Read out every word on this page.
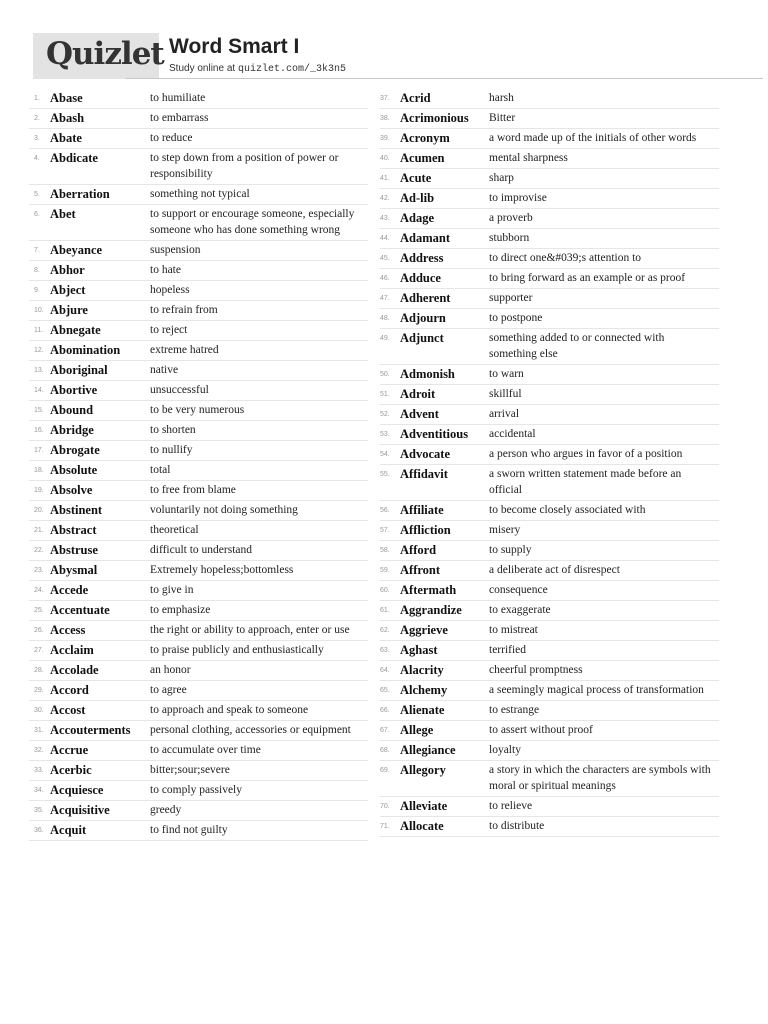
Quizlet Word Smart I
Study online at quizlet.com/_3k3n5
1. Abase	to humiliate
2. Abash	to embarrass
3. Abate	to reduce
4. Abdicate	to step down from a position of power or responsibility
5. Aberration	something not typical
6. Abet	to support or encourage someone, especially someone who has done something wrong
7. Abeyance	suspension
8. Abhor	to hate
9. Abject	hopeless
10. Abjure	to refrain from
11. Abnegate	to reject
12. Abomination	extreme hatred
13. Aboriginal	native
14. Abortive	unsuccessful
15. Abound	to be very numerous
16. Abridge	to shorten
17. Abrogate	to nullify
18. Absolute	total
19. Absolve	to free from blame
20. Abstinent	voluntarily not doing something
21. Abstract	theoretical
22. Abstruse	difficult to understand
23. Abysmal	Extremely hopeless;bottomless
24. Accede	to give in
25. Accentuate	to emphasize
26. Access	the right or ability to approach, enter or use
27. Acclaim	to praise publicly and enthusiastically
28. Accolade	an honor
29. Accord	to agree
30. Accost	to approach and speak to someone
31. Accouterments	personal clothing, accessories or equipment
32. Accrue	to accumulate over time
33. Acerbic	bitter;sour;severe
34. Acquiesce	to comply passively
35. Acquisitive	greedy
36. Acquit	to find not guilty
37. Acrid	harsh
38. Acrimonious	Bitter
39. Acronym	a word made up of the initials of other words
40. Acumen	mental sharpness
41. Acute	sharp
42. Ad-lib	to improvise
43. Adage	a proverb
44. Adamant	stubborn
45. Address	to direct one&#039;s attention to
46. Adduce	to bring forward as an example or as proof
47. Adherent	supporter
48. Adjourn	to postpone
49. Adjunct	something added to or connected with something else
50. Admonish	to warn
51. Adroit	skillful
52. Advent	arrival
53. Adventitious	accidental
54. Advocate	a person who argues in favor of a position
55. Affidavit	a sworn written statement made before an official
56. Affiliate	to become closely associated with
57. Affliction	misery
58. Afford	to supply
59. Affront	a deliberate act of disrespect
60. Aftermath	consequence
61. Aggrandize	to exaggerate
62. Aggrieve	to mistreat
63. Aghast	terrified
64. Alacrity	cheerful promptness
65. Alchemy	a seemingly magical process of transformation
66. Alienate	to estrange
67. Allege	to assert without proof
68. Allegiance	loyalty
69. Allegory	a story in which the characters are symbols with moral or spiritual meanings
70. Alleviate	to relieve
71. Allocate	to distribute
